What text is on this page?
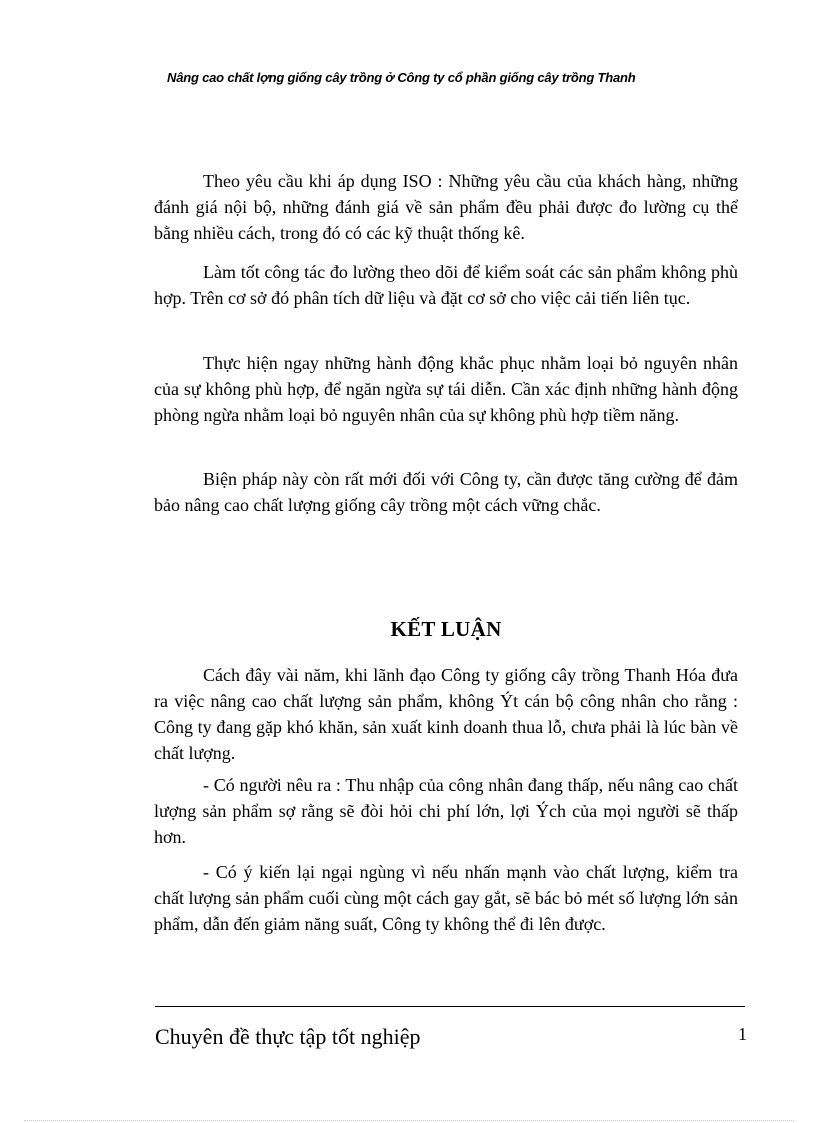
Nâng cao chất lợng giống cây trồng ở Công ty cổ phần giống cây trồng Thanh

Theo yêu cầu khi áp dụng ISO : Những yêu cầu của khách hàng, những đánh giá nội bộ, những đánh giá về sản phẩm đều phải được đo lường cụ thể bằng nhiều cách, trong đó có các kỹ thuật thống kê.

Làm tốt công tác đo lường theo dõi để kiểm soát các sản phẩm không phù hợp. Trên cơ sở đó phân tích dữ liệu và đặt cơ sở cho việc cải tiến liên tục.

Thực hiện ngay những hành động khắc phục nhằm loại bỏ nguyên nhân của sự không phù hợp, để ngăn ngừa sự tái diễn. Cần xác định những hành động phòng ngừa nhằm loại bỏ nguyên nhân của sự không phù hợp tiềm năng.

Biện pháp này còn rất mới đối với Công ty, cần được tăng cường để đảm bảo nâng cao chất lượng giống cây trồng một cách vững chắc.

KẾT LUẬN

Cách đây vài năm, khi lãnh đạo Công ty giống cây trồng Thanh Hóa đưa ra việc nâng cao chất lượng sản phẩm, không Ýt cán bộ công nhân cho rằng : Công ty đang gặp khó khăn, sản xuất kinh doanh thua lỗ, chưa phải là lúc bàn về chất lượng.

- Có người nêu ra : Thu nhập của công nhân đang thấp, nếu nâng cao chất lượng sản phẩm sợ rằng sẽ đòi hỏi chi phí lớn, lợi Ých của mọi người sẽ thấp hơn.

- Có ý kiến lại ngại ngùng vì nếu nhấn mạnh vào chất lượng, kiểm tra chất lượng sản phẩm cuối cùng một cách gay gắt, sẽ bác bỏ mét số lượng lớn sản phẩm, dẫn đến giảm năng suất, Công ty không thể đi lên được.

Chuyên đề thực tập tốt nghiệp	1
